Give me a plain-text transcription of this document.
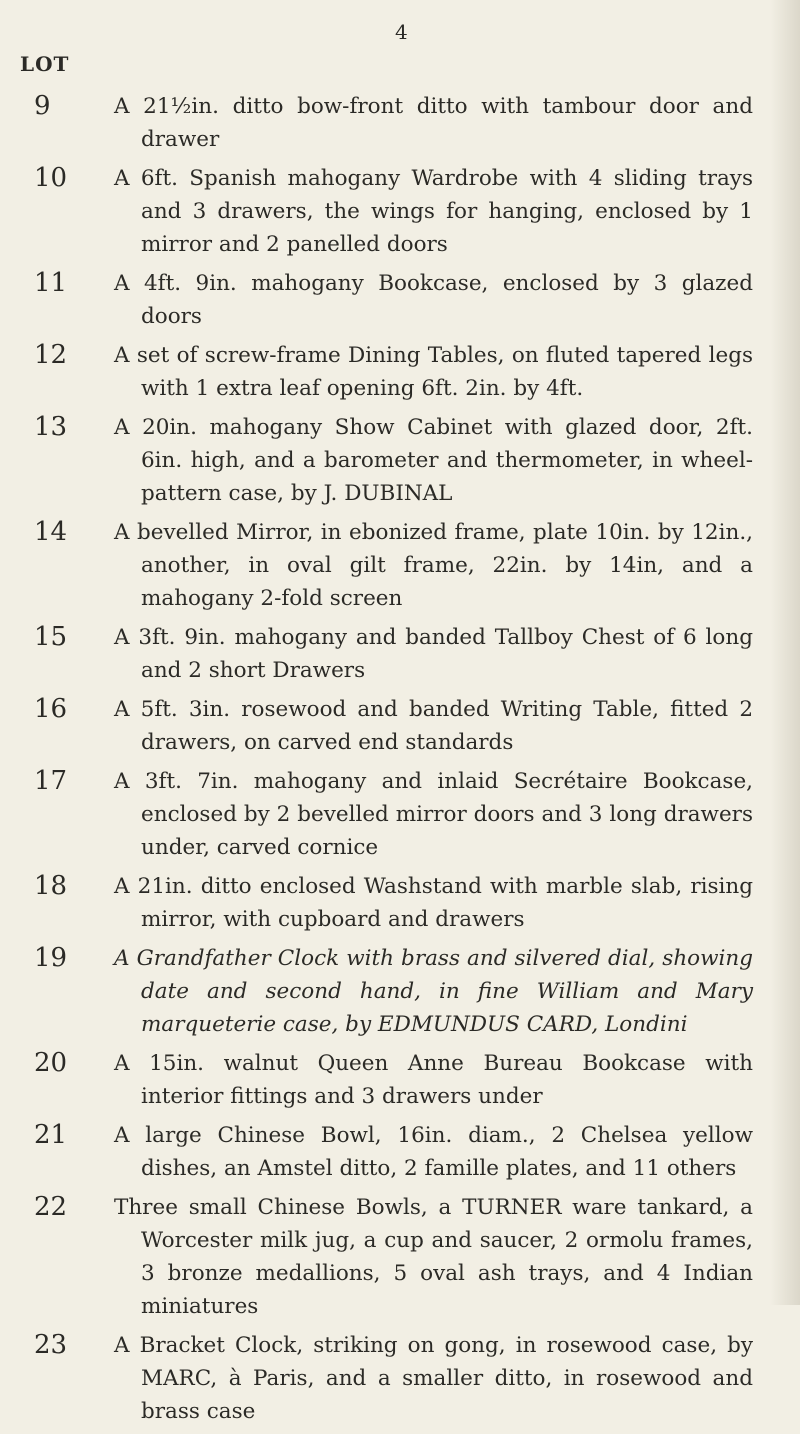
4
LOT
9	A 21½in. ditto bow-front ditto with tambour door and drawer
10	A 6ft. Spanish mahogany Wardrobe with 4 sliding trays and 3 drawers, the wings for hanging, enclosed by 1 mirror and 2 panelled doors
11	A 4ft. 9in. mahogany Bookcase, enclosed by 3 glazed doors
12	A set of screw-frame Dining Tables, on fluted tapered legs with 1 extra leaf opening 6ft. 2in. by 4ft.
13	A 20in. mahogany Show Cabinet with glazed door, 2ft. 6in. high, and a barometer and thermometer, in wheel-pattern case, by J. DUBINAL
14	A bevelled Mirror, in ebonized frame, plate 10in. by 12in., another, in oval gilt frame, 22in. by 14in, and a mahogany 2-fold screen
15	A 3ft. 9in. mahogany and banded Tallboy Chest of 6 long and 2 short Drawers
16	A 5ft. 3in. rosewood and banded Writing Table, fitted 2 drawers, on carved end standards
17	A 3ft. 7in. mahogany and inlaid Secrétaire Bookcase, enclosed by 2 bevelled mirror doors and 3 long drawers under, carved cornice
18	A 21in. ditto enclosed Washstand with marble slab, rising mirror, with cupboard and drawers
19	A Grandfather Clock with brass and silvered dial, showing date and second hand, in fine William and Mary marqueterie case, by EDMUNDUS CARD, Londini
20	A 15in. walnut Queen Anne Bureau Bookcase with interior fittings and 3 drawers under
21	A large Chinese Bowl, 16in. diam., 2 Chelsea yellow dishes, an Amstel ditto, 2 famille plates, and 11 others
22	Three small Chinese Bowls, a TURNER ware tankard, a Worcester milk jug, a cup and saucer, 2 ormolu frames, 3 bronze medallions, 5 oval ash trays, and 4 Indian miniatures
23	A Bracket Clock, striking on gong, in rosewood case, by MARC, à Paris, and a smaller ditto, in rosewood and brass case
